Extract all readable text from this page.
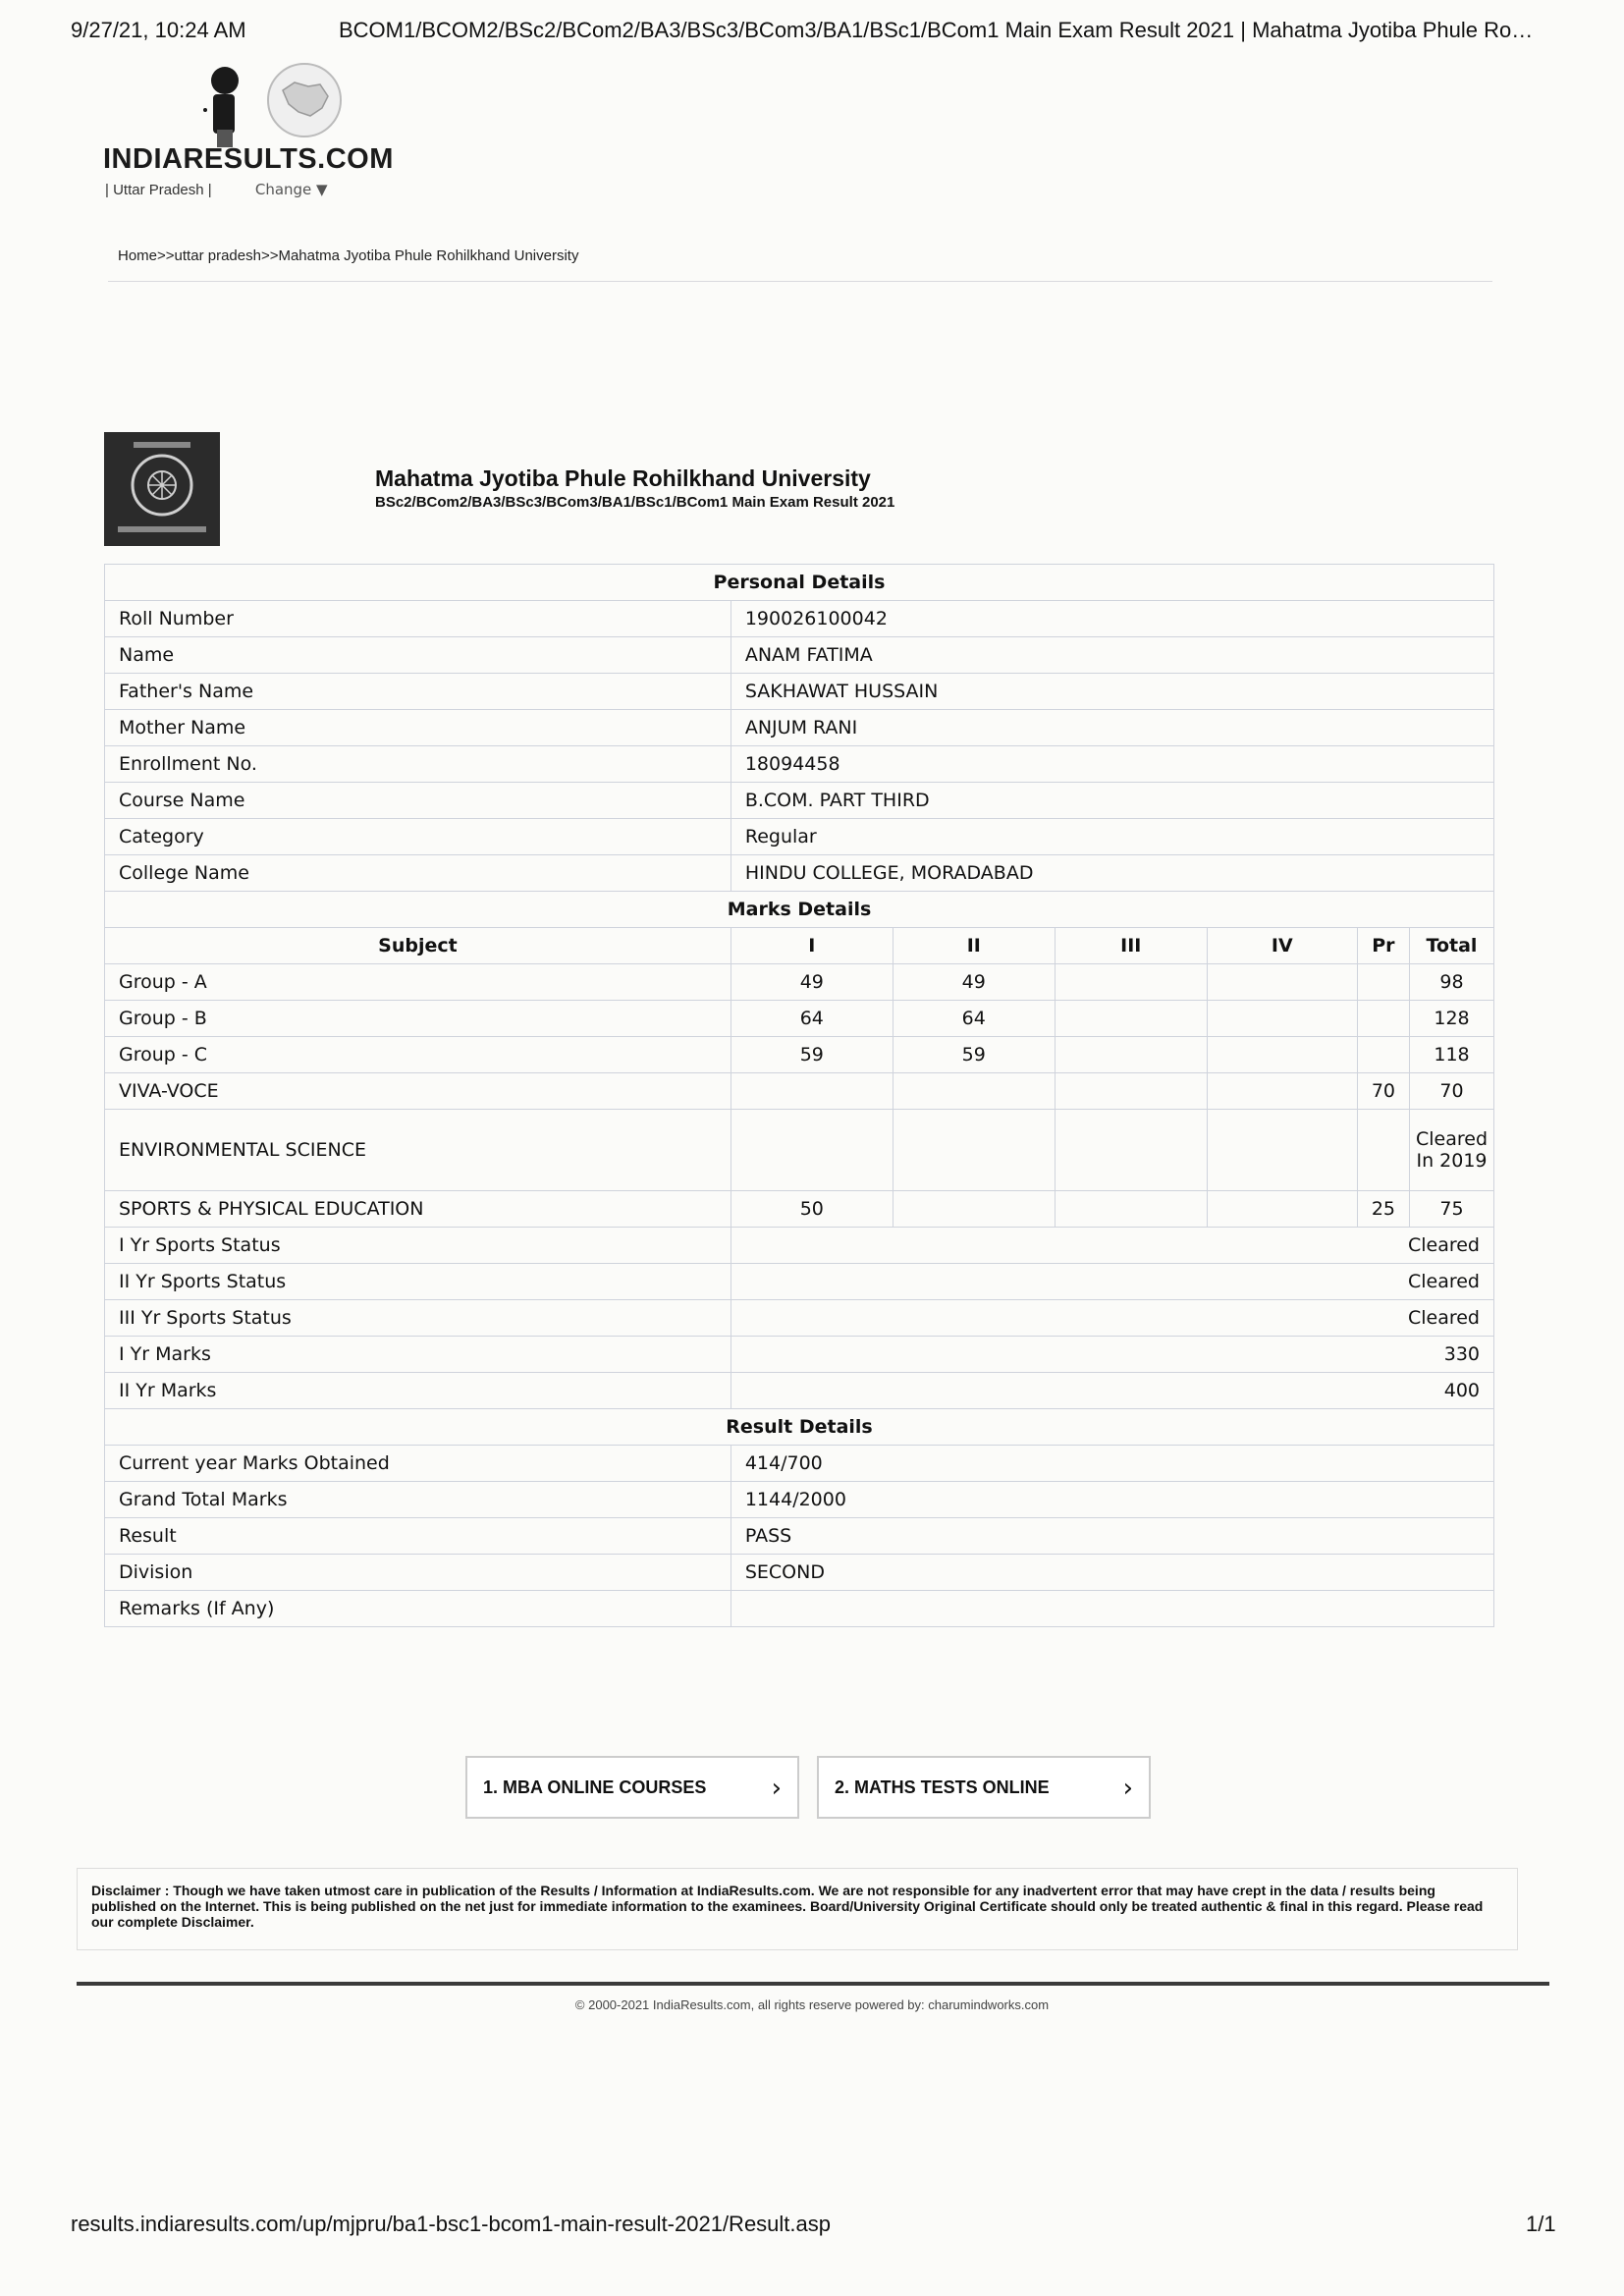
9/27/21, 10:24 AM	BCOM1/BCOM2/BSc2/BCom2/BA3/BSc3/BCom3/BA1/BSc1/BCom1 Main Exam Result 2021 | Mahatma Jyotiba Phule Ro…
INDIARESULTS.COM
| Uttar Pradesh |	Change ▼
Home>>uttar pradesh>>Mahatma Jyotiba Phule Rohilkhand University
Mahatma Jyotiba Phule Rohilkhand University
BSc2/BCom2/BA3/BSc3/BCom3/BA1/BSc1/BCom1 Main Exam Result 2021
Personal Details						
Roll Number	190026100042					
Name	ANAM FATIMA					
Father's Name	SAKHAWAT HUSSAIN					
Mother Name	ANJUM RANI					
Enrollment No.	18094458					
Course Name	B.COM. PART THIRD					
Category	Regular					
College Name	HINDU COLLEGE, MORADABAD					
Marks Details						
Subject	I	II	III	IV	Pr	Total
Group - A	49	49				98
Group - B	64	64				128
Group - C	59	59				118
VIVA-VOCE					70	70
ENVIRONMENTAL SCIENCE						Cleared In 2019
SPORTS & PHYSICAL EDUCATION	50				25	75
I Yr Sports Status	Cleared					
II Yr Sports Status	Cleared					
III Yr Sports Status	Cleared					
I Yr Marks	330					
II Yr Marks	400					
Result Details						
Current year Marks Obtained	414/700					
Grand Total Marks	1144/2000					
Result	PASS					
Division	SECOND					
Remarks (If Any)						
1. MBA ONLINE COURSES	›	2. MATHS TESTS ONLINE	›
Disclaimer : Though we have taken utmost care in publication of the Results / Information at IndiaResults.com. We are not responsible for any inadvertent error that may have crept in the data / results being published on the Internet. This is being published on the net just for immediate information to the examinees. Board/University Original Certificate should only be treated authentic & final in this regard. Please read our complete Disclaimer.
© 2000-2021 IndiaResults.com, all rights reserve powered by: charumindworks.com
results.indiaresults.com/up/mjpru/ba1-bsc1-bcom1-main-result-2021/Result.asp	1/1
